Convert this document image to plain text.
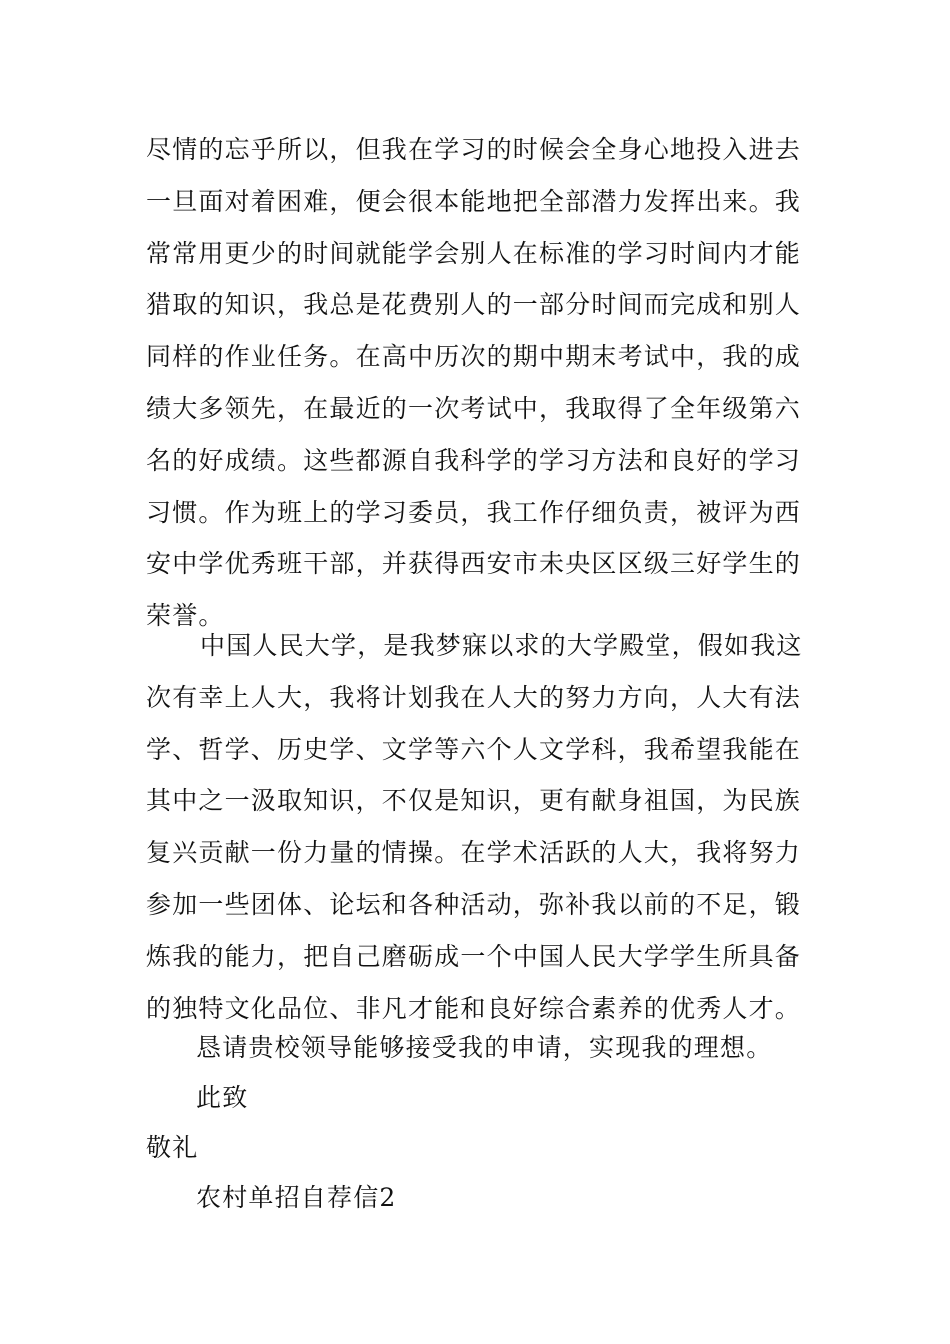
尽情的忘乎所以，但我在学习的时候会全身心地投入进去
一旦面对着困难，便会很本能地把全部潜力发挥出来。我
常常用更少的时间就能学会别人在标准的学习时间内才能
猎取的知识，我总是花费别人的一部分时间而完成和别人
同样的作业任务。在高中历次的期中期末考试中，我的成
绩大多领先，在最近的一次考试中，我取得了全年级第六
名的好成绩。这些都源自我科学的学习方法和良好的学习
习惯。作为班上的学习委员，我工作仔细负责，被评为西
安中学优秀班干部，并获得西安市未央区区级三好学生的
荣誉。

中国人民大学，是我梦寐以求的大学殿堂，假如我这
次有幸上人大，我将计划我在人大的努力方向，人大有法
学、哲学、历史学、文学等六个人文学科，我希望我能在
其中之一汲取知识，不仅是知识，更有献身祖国，为民族
复兴贡献一份力量的情操。在学术活跃的人大，我将努力
参加一些团体、论坛和各种活动，弥补我以前的不足，锻
炼我的能力，把自己磨砺成一个中国人民大学学生所具备
的独特文化品位、非凡才能和良好综合素养的优秀人才。

恳请贵校领导能够接受我的申请，实现我的理想。

此致

敬礼

农村单招自荐信2
